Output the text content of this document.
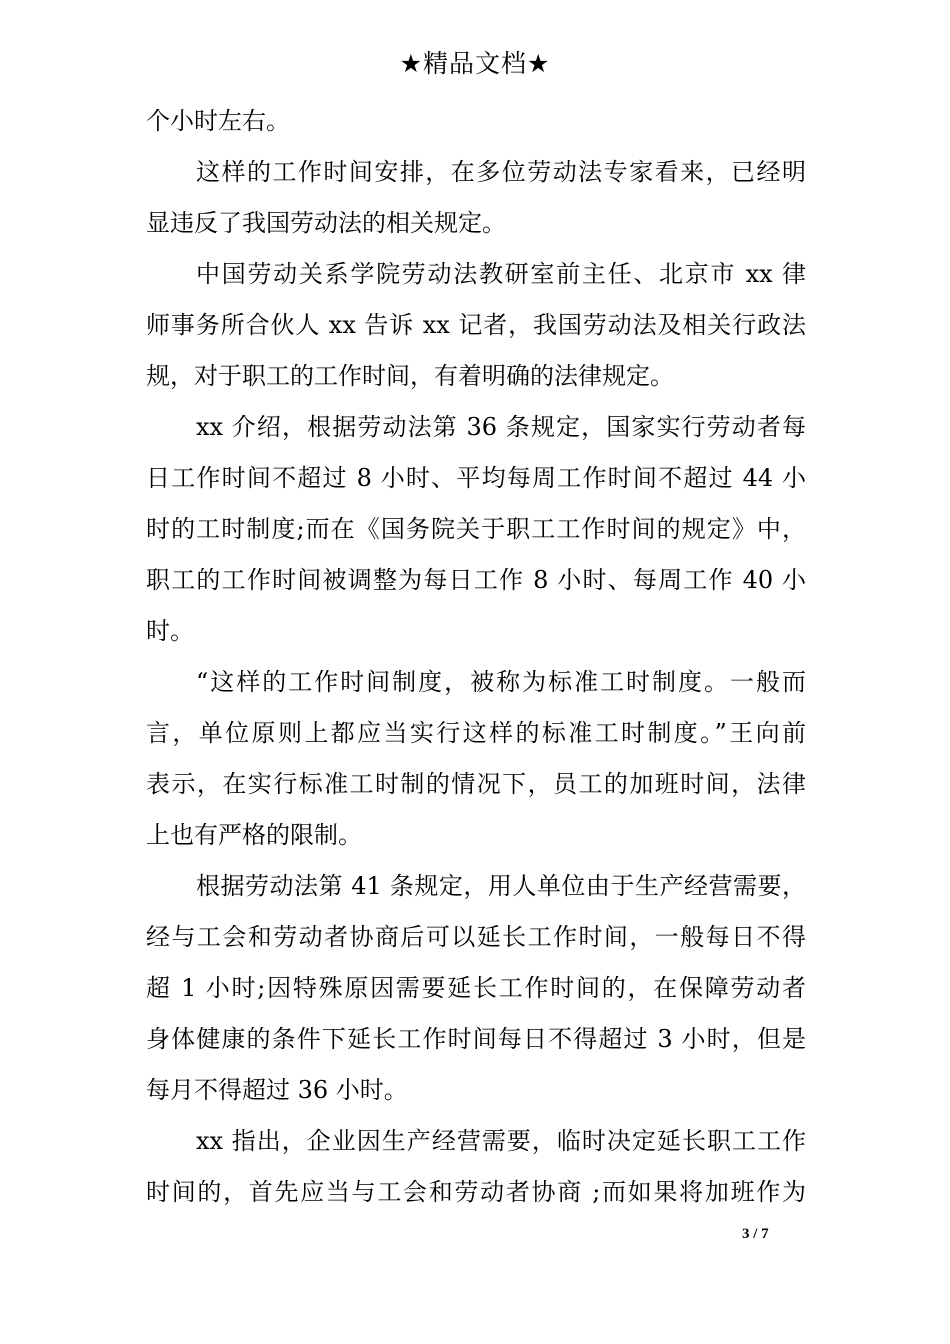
★精品文档★
个小时左右。
这样的工作时间安排，在多位劳动法专家看来，已经明
显违反了我国劳动法的相关规定。
中国劳动关系学院劳动法教研室前主任、北京市 xx 律
师事务所合伙人 xx 告诉 xx 记者，我国劳动法及相关行政法
规，对于职工的工作时间，有着明确的法律规定。
xx 介绍，根据劳动法第 36 条规定，国家实行劳动者每
日工作时间不超过 8 小时、平均每周工作时间不超过 44 小
时的工时制度;而在《国务院关于职工工作时间的规定》中，
职工的工作时间被调整为每日工作 8 小时、每周工作 40 小
时。
“这样的工作时间制度，被称为标准工时制度。一般而
言，单位原则上都应当实行这样的标准工时制度。”王向前
表示，在实行标准工时制的情况下，员工的加班时间，法律
上也有严格的限制。
根据劳动法第 41 条规定，用人单位由于生产经营需要，
经与工会和劳动者协商后可以延长工作时间，一般每日不得
超 1 小时;因特殊原因需要延长工作时间的，在保障劳动者
身体健康的条件下延长工作时间每日不得超过 3 小时，但是
每月不得超过 36 小时。
xx 指出，企业因生产经营需要，临时决定延长职工工作
时间的，首先应当与工会和劳动者协商 ;而如果将加班作为
3 / 7
